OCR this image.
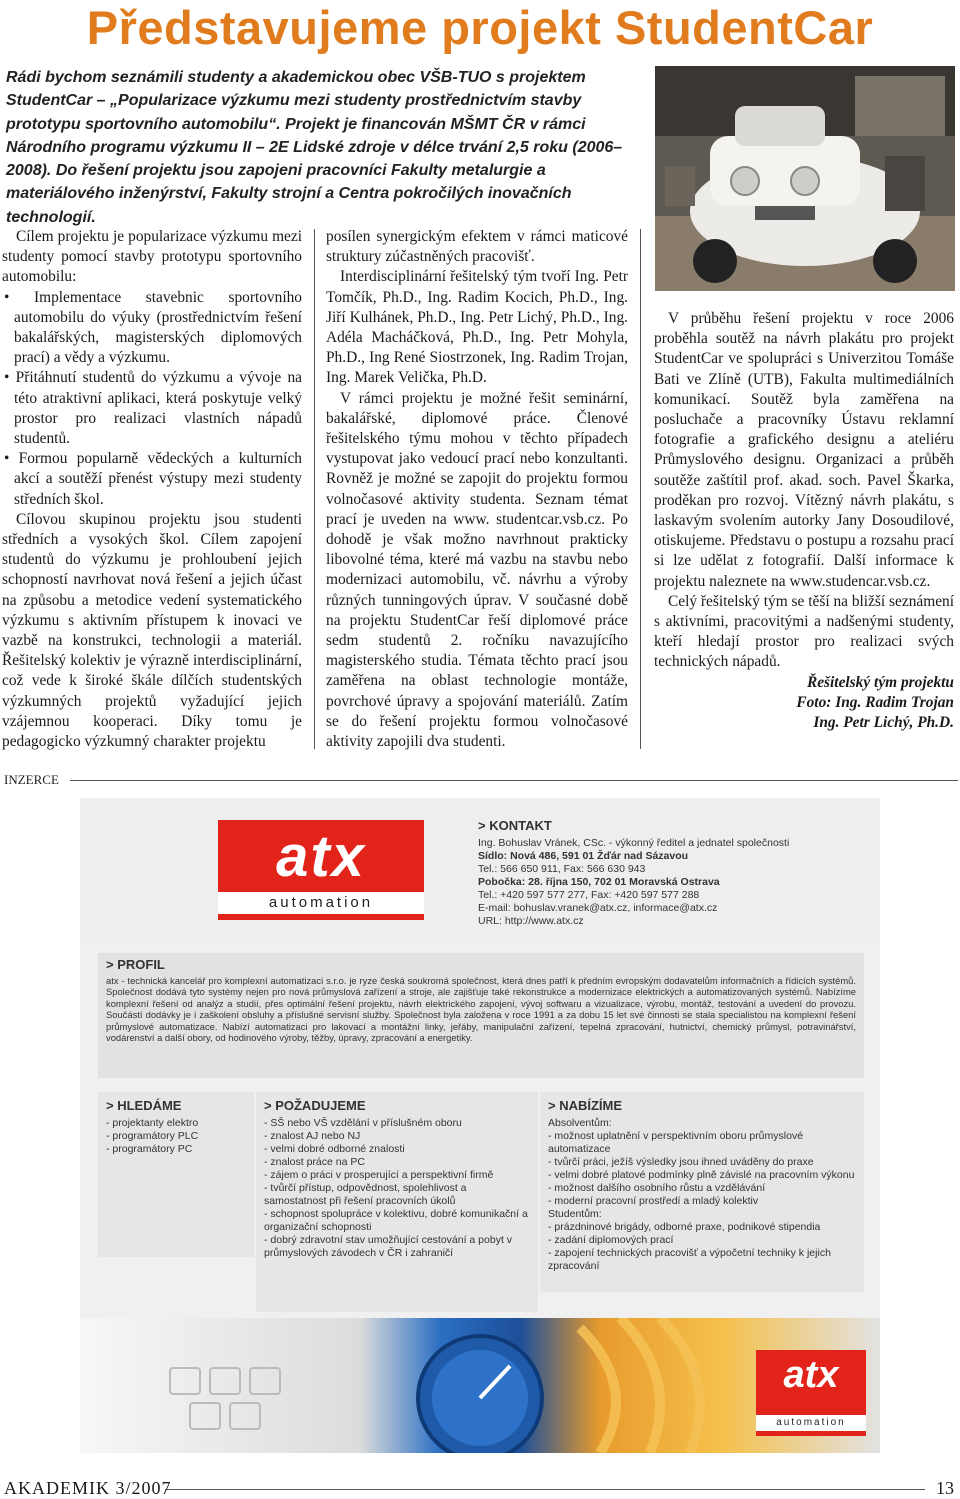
Představujeme projekt StudentCar
Rádi bychom seznámili studenty a akademickou obec VŠB-TUO s projektem StudentCar – „Popularizace výzkumu mezi studenty prostřednictvím stavby prototypu sportovního automobilu“. Projekt je financován MŠMT ČR v rámci Národního programu výzkumu II – 2E Lidské zdroje v délce trvání 2,5 roku (2006–2008). Do řešení projektu jsou zapojeni pracovníci Fakulty metalurgie a materiálového inženýrství, Fakulty strojní a Centra pokročilých inovačních technologií.

Cílem projektu je popularizace výzkumu mezi studenty pomocí stavby prototypu sportovního automobilu:

• Implementace stavebnic sportovního automobilu do výuky (prostřednictvím řešení bakalářských, magisterských diplomových prací) a vědy a výzkumu.

• Přitáhnutí studentů do výzkumu a vývoje na této atraktivní aplikaci, která poskytuje velký prostor pro realizaci vlastních nápadů studentů.

• Formou popularně vědeckých a kulturních akcí a soutěží přenést výstupy mezi studenty středních škol.

Cílovou skupinou projektu jsou studenti středních a vysokých škol. Cílem zapojení studentů do výzkumu je prohloubení jejich schopností navrhovat nová řešení a jejich účast na způsobu a metodice vedení systematického výzkumu s aktivním přístupem k inovaci ve vazbě na konstrukci, technologii a materiál. Řešitelský kolektiv je výrazně interdisciplinární, což vede k široké škále dílčích studentských výzkumných projektů vyžadující jejich vzájemnou kooperaci. Díky tomu je pedagogicko výzkumný charakter projektu

posílen synergickým efektem v rámci maticové struktury zúčastněných pracovišť.

Interdisciplinární řešitelský tým tvoří Ing. Petr Tomčík, Ph.D., Ing. Radim Kocich, Ph.D., Ing. Jiří Kulhánek, Ph.D., Ing. Petr Lichý, Ph.D., Ing. Adéla Macháčková, Ph.D., Ing. Petr Mohyla, Ph.D., Ing René Siostrzonek, Ing. Radim Trojan, Ing. Marek Velička, Ph.D.

V rámci projektu je možné řešit seminární, bakalářské, diplomové práce. Členové řešitelského týmu mohou v těchto případech vystupovat jako vedoucí prací nebo konzultanti. Rovněž je možné se zapojit do projektu formou volnočasové aktivity studenta. Seznam témat prací je uveden na www. studentcar.vsb.cz. Po dohodě je však možno navrhnout prakticky libovolné téma, které má vazbu na stavbu nebo modernizaci automobilu, vč. návrhu a výroby různých tunningových úprav. V současné době na projektu StudentCar řeší diplomové práce sedm studentů 2. ročníku navazujícího magisterského studia. Témata těchto prací jsou zaměřena na oblast technologie montáže, povrchové úpravy a spojování materiálů. Zatím se do řešení projektu formou volnočasové aktivity zapojili dva studenti.

V průběhu řešení projektu v roce 2006 proběhla soutěž na návrh plakátu pro projekt StudentCar ve spolupráci s Univerzitou Tomáše Bati ve Zlíně (UTB), Fakulta multimediálních komunikací. Soutěž byla zaměřena na posluchače a pracovníky Ústavu reklamní fotografie a grafického designu a ateliéru Průmyslového designu. Organizaci a průběh soutěže zaštítil prof. akad. soch. Pavel Škarka, proděkan pro rozvoj. Vítězný návrh plakátu, s laskavým svolením autorky Jany Dosoudilové, otiskujeme. Představu o postupu a rozsahu prací si lze udělat z fotografií. Další informace k projektu naleznete na www.studencar.vsb.cz.

Celý řešitelský tým se těší na bližší seznámení s aktivními, pracovitými a nadšenými studenty, kteří hledají prostor pro realizaci svých technických nápadů.

Řešitelský tým projektu

Foto: Ing. Radim Trojan

Ing. Petr Lichý, Ph.D.

INZERCE
atx
automation
> KONTAKT
Ing. Bohuslav Vránek, CSc. - výkonný ředitel a jednatel společnosti
Sídlo: Nová 486, 591 01 Žďár nad Sázavou
Tel.: 566 650 911, Fax: 566 630 943
Pobočka: 28. října 150, 702 01 Moravská Ostrava
Tel.: +420 597 577 277, Fax: +420 597 577 288
E-mail: bohuslav.vranek@atx.cz, informace@atx.cz
URL: http://www.atx.cz
> PROFIL
atx - technická kancelář pro komplexní automatizaci s.r.o. je ryze česká soukromá společnost, která dnes patří k předním evropským dodavatelům informačních a řídicích systémů. Společnost dodává tyto systémy nejen pro nová průmyslová zařízení a stroje, ale zajišťuje také rekonstrukce a modernizace elektrických a automatizovaných systémů. Nabízíme komplexní řešení od analýz a studií, přes optimální řešení projektu, návrh elektrického zapojení, vývoj softwaru a vizualizace, výrobu, montáž, testování a uvedení do provozu. Součástí dodávky je i zaškolení obsluhy a příslušné servisní služby. Společnost byla založena v roce 1991 a za dobu 15 let své činnosti se stala specialistou na komplexní řešení průmyslové automatizace. Nabízí automatizaci pro lakovací a montážní linky, jeřáby, manipulační zařízení, tepelná zpracování, hutnictví, chemický průmysl, potravinářství, vodárenství a další obory, od hodinového výroby, těžby, úpravy, zpracování a energetiky.
> HLEDÁME
- projektanty elektro
- programátory PLC
- programátory PC
> POŽADUJEME
- SŠ nebo VŠ vzdělání v příslušném oboru
- znalost AJ nebo NJ
- velmi dobré odborné znalosti
- znalost práce na PC
- zájem o práci v prosperující a perspektivní firmě
- tvůrčí přístup, odpovědnost, spolehlivost a samostatnost při řešení pracovních úkolů
- schopnost spolupráce v kolektivu, dobré komunikační a organizační schopnosti
- dobrý zdravotní stav umožňující cestování a pobyt v průmyslových závodech v ČR i zahraničí
> NABÍZÍME
Absolventům:
- možnost uplatnění v perspektivním oboru průmyslové automatizace
- tvůrčí práci, ježíš výsledky jsou ihned uváděny do praxe
- velmi dobré platové podmínky plně závislé na pracovním výkonu
- možnost dalšího osobního růstu a vzdělávání
- moderní pracovní prostředí a mladý kolektiv
Studentům:
- prázdninové brigády, odborné praxe, podnikové stipendia
- zadání diplomových prací
- zapojení technických pracovišť a výpočetní techniky k jejich zpracování
atx
automation
AKADEMIK 3/2007	13
